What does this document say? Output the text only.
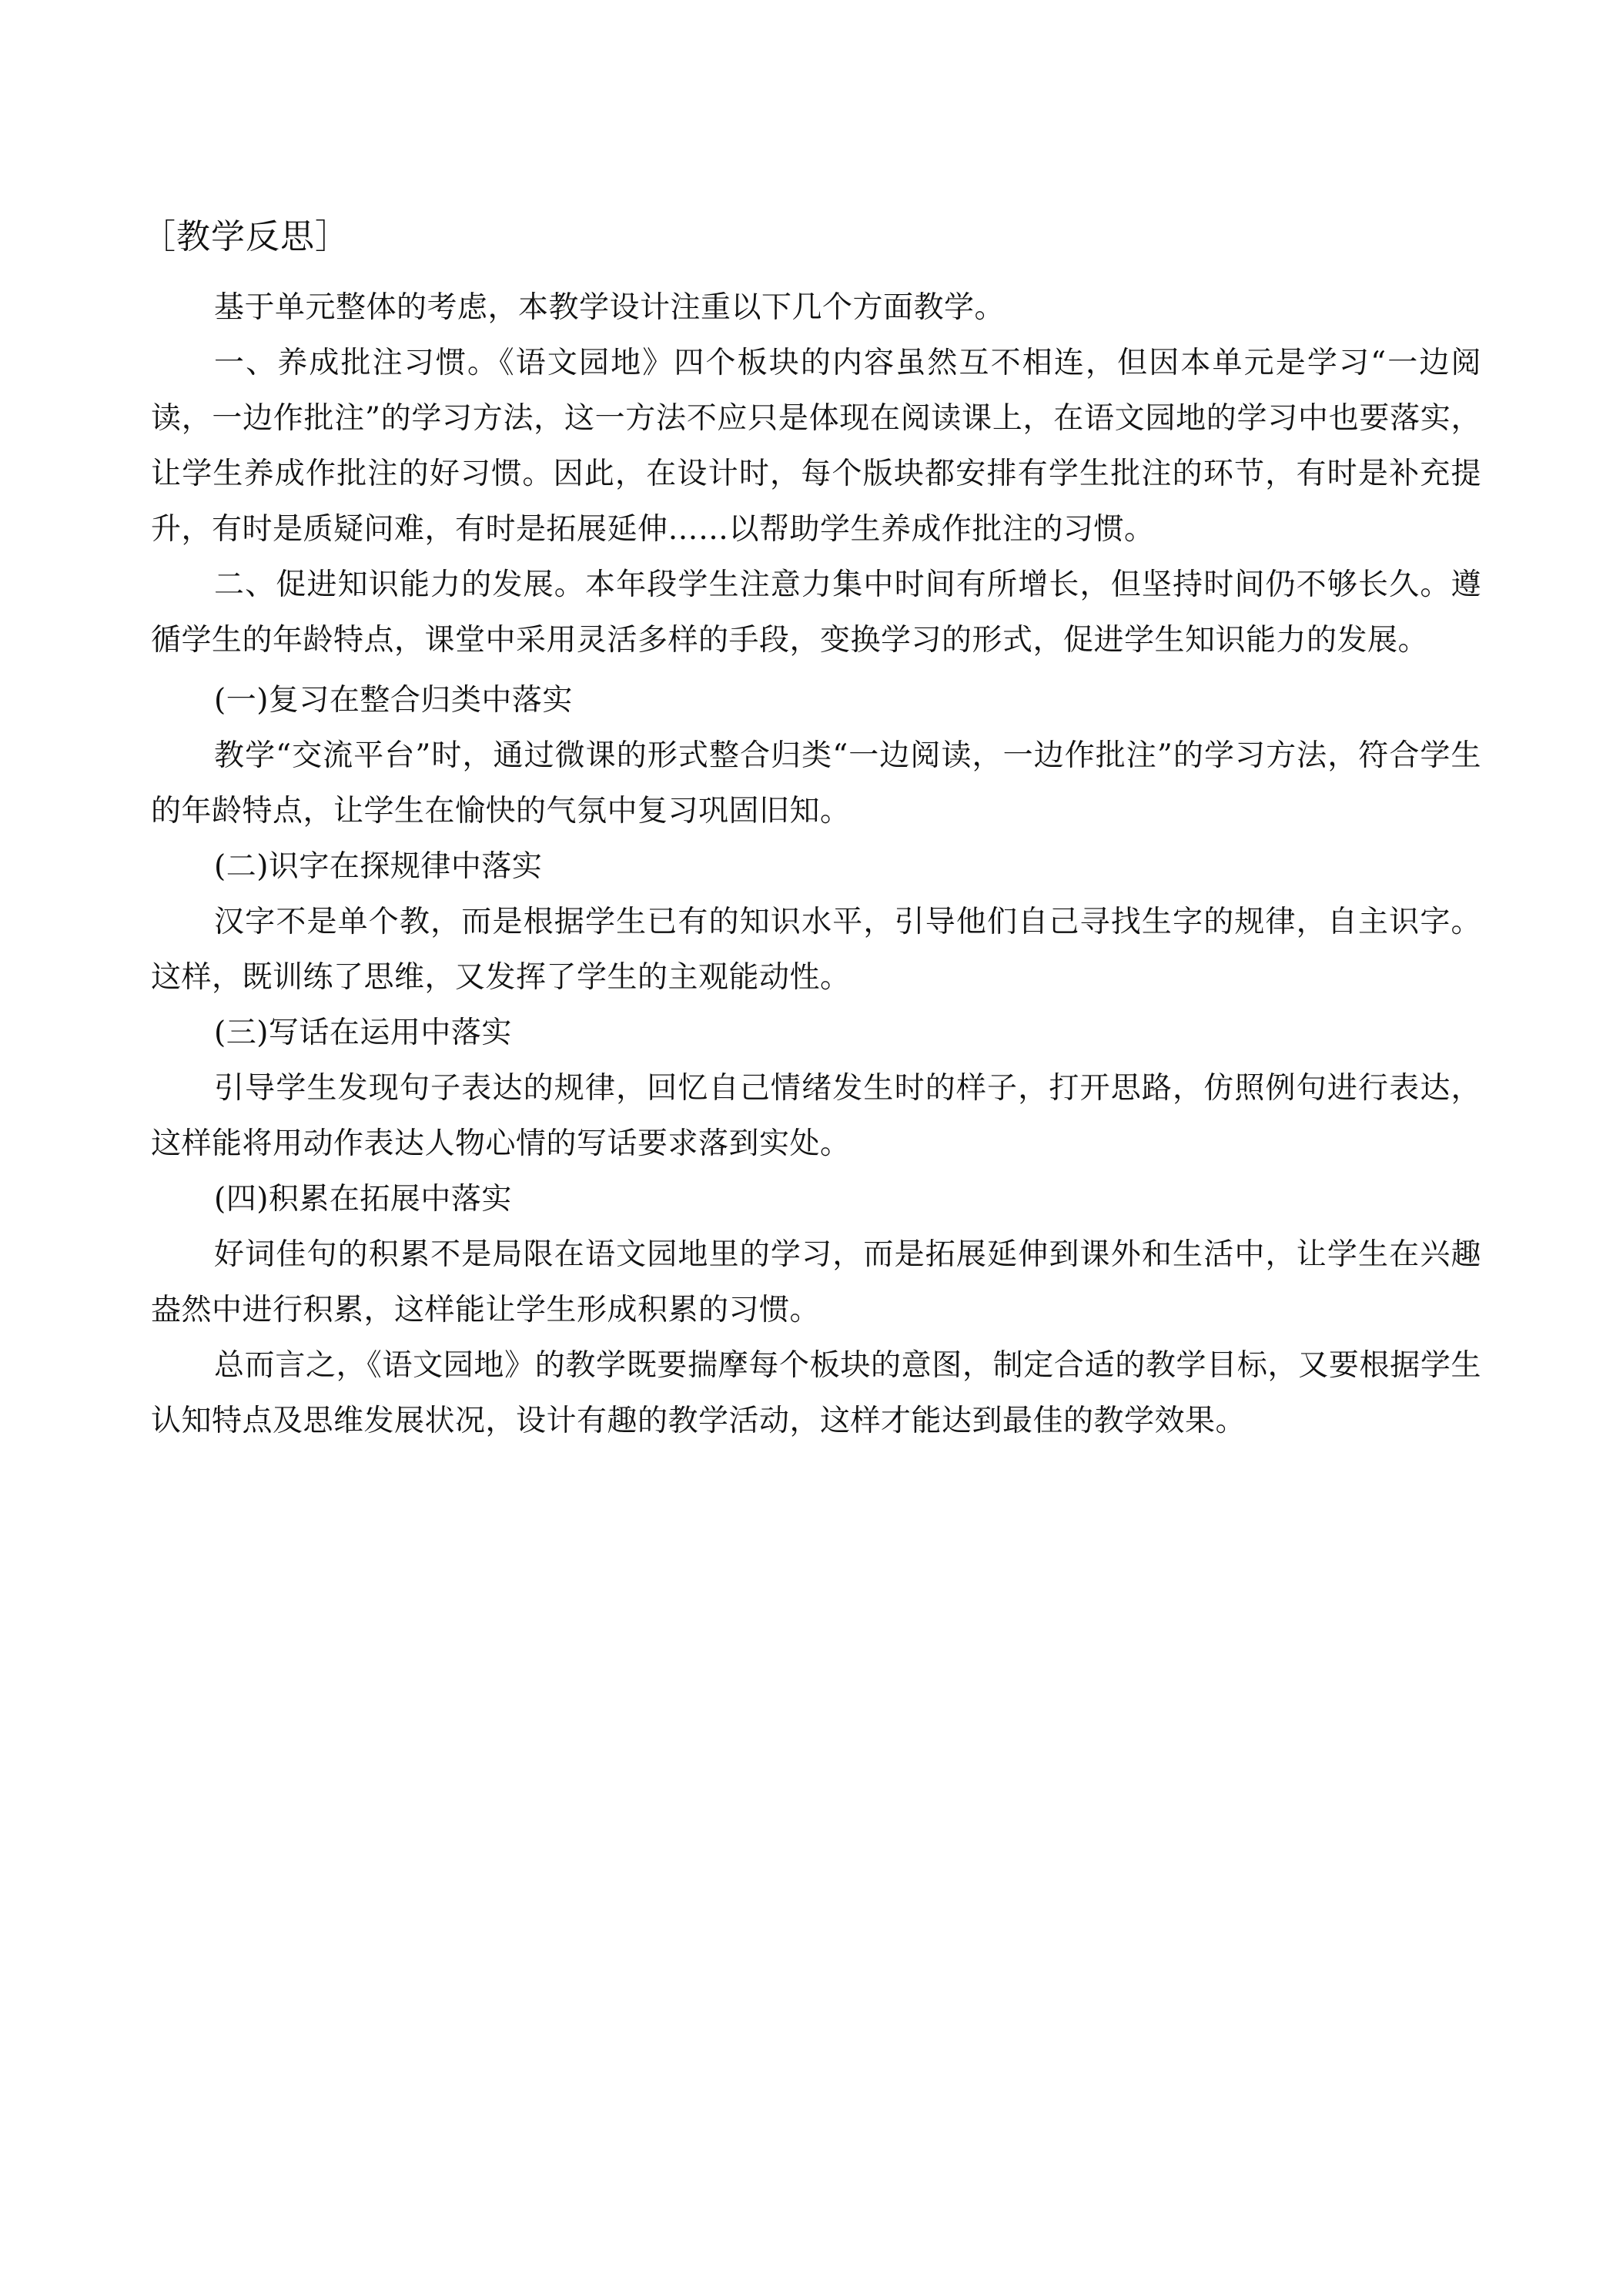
［教学反思］

基于单元整体的考虑，本教学设计注重以下几个方面教学。

一、养成批注习惯。《语文园地》四个板块的内容虽然互不相连，但因本单元是学习“一边阅读，一边作批注”的学习方法，这一方法不应只是体现在阅读课上，在语文园地的学习中也要落实，让学生养成作批注的好习惯。因此，在设计时，每个版块都安排有学生批注的环节，有时是补充提升，有时是质疑问难，有时是拓展延伸……以帮助学生养成作批注的习惯。

二、促进知识能力的发展。本年段学生注意力集中时间有所增长，但坚持时间仍不够长久。遵循学生的年龄特点，课堂中采用灵活多样的手段，变换学习的形式，促进学生知识能力的发展。

(一)复习在整合归类中落实

教学“交流平台”时，通过微课的形式整合归类“一边阅读，一边作批注”的学习方法，符合学生的年龄特点，让学生在愉快的气氛中复习巩固旧知。

(二)识字在探规律中落实

汉字不是单个教，而是根据学生已有的知识水平，引导他们自己寻找生字的规律，自主识字。这样，既训练了思维，又发挥了学生的主观能动性。

(三)写话在运用中落实

引导学生发现句子表达的规律，回忆自己情绪发生时的样子，打开思路，仿照例句进行表达，这样能将用动作表达人物心情的写话要求落到实处。

(四)积累在拓展中落实

好词佳句的积累不是局限在语文园地里的学习，而是拓展延伸到课外和生活中，让学生在兴趣盎然中进行积累，这样能让学生形成积累的习惯。

总而言之，《语文园地》的教学既要揣摩每个板块的意图，制定合适的教学目标，又要根据学生认知特点及思维发展状况，设计有趣的教学活动，这样才能达到最佳的教学效果。
